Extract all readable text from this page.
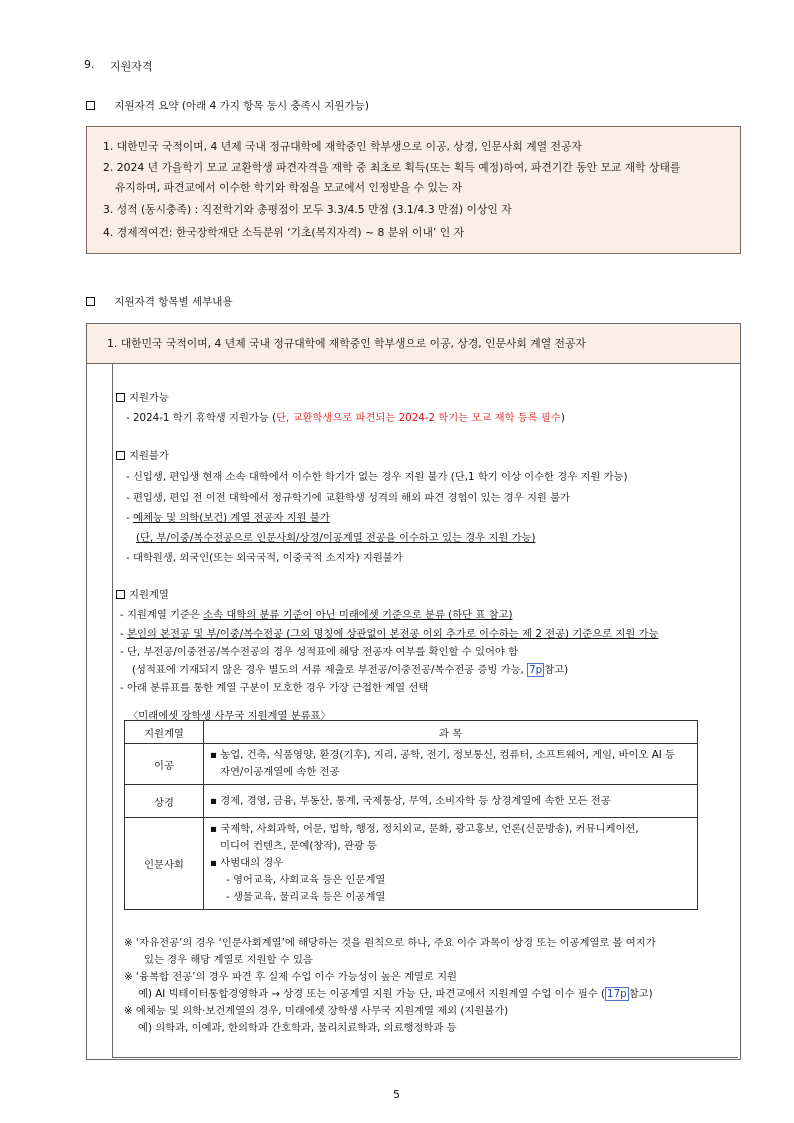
9. 지원자격
지원자격 요약 (아래 4 가지 항목 동시 충족시 지원가능)
1. 대한민국 국적이며, 4 년제 국내 정규대학에 재학중인 학부생으로 이공, 상경, 인문사회 계열 전공자
2. 2024 년 가을학기 모교 교환학생 파견자격을 재학 중 최초로 획득(또는 획득 예정)하여, 파견기간 동안 모교 재학 상태를
유지하며, 파견교에서 이수한 학기와 학점을 모교에서 인정받을 수 있는 자
3. 성적 (동시충족) : 직전학기와 총평점이 모두 3.3/4.5 만점 (3.1/4.3 만점) 이상인 자
4. 경제적여건: 한국장학재단 소득분위 ‘기초(복지자격) ~ 8 분위 이내’ 인 자
지원자격 항목별 세부내용
1. 대한민국 국적이며, 4 년제 국내 정규대학에 재학중인 학부생으로 이공, 상경, 인문사회 계열 전공자
지원가능
- 2024-1 학기 휴학생 지원가능 (단, 교환학생으로 파견되는 2024-2 학기는 모교 재학 등록 필수)
지원불가
- 신입생, 편입생 현재 소속 대학에서 이수한 학기가 없는 경우 지원 불가 (단,1 학기 이상 이수한 경우 지원 가능)
- 편입생, 편입 전 이전 대학에서 정규학기에 교환학생 성격의 해외 파견 경험이 있는 경우 지원 불가
- 예체능 및 의학(보건) 계열 전공자 지원 불가
(단, 부/이중/복수전공으로 인문사회/상경/이공계열 전공을 이수하고 있는 경우 지원 가능)
- 대학원생, 외국인(또는 외국국적, 이중국적 소지자) 지원불가
지원계열
- 지원계열 기준은 소속 대학의 분류 기준이 아닌 미래에셋 기준으로 분류 (하단 표 참고)
- 본인의 본전공 및 부/이중/복수전공 (그외 명칭에 상관없이 본전공 이외 추가로 이수하는 제 2 전공) 기준으로 지원 가능
- 단, 부전공/이중전공/복수전공의 경우 성적표에 해당 전공자 여부를 확인할 수 있어야 함
(성적표에 기재되지 않은 경우 별도의 서류 제출로 부전공/이중전공/복수전공 증빙 가능, 7p 참고)
- 아래 분류표를 통한 계열 구분이 모호한 경우 가장 근접한 계열 선택
〈미래에셋 장학생 사무국 지원계열 분류표〉
지원계열	과 목
이공	▪ 농업, 건축, 식품영양, 환경(기후), 지리, 공학, 전기, 정보통신, 컴퓨터, 소프트웨어, 게임, 바이오 AI 등
자연/이공계열에 속한 전공

상경	▪ 경제, 경영, 금융, 부동산, 통계, 국제통상, 무역, 소비자학 등 상경계열에 속한 모든 전공

인문사회	▪ 국제학, 사회과학, 어문, 법학, 행정, 정치외교, 문화, 광고홍보, 언론(신문방송), 커뮤니케이션,
미디어 컨텐츠, 문예(창작), 관광 등
▪ 사범대의 경우
- 영어교육, 사회교육 등은 인문계열
- 생물교육, 물리교육 등은 이공계열
※ ‘자유전공’의 경우 ‘인문사회계열’에 해당하는 것을 원칙으로 하나, 주요 이수 과목이 상경 또는 이공계열로 볼 여지가
있는 경우 해당 계열로 지원할 수 있음
※ ‘융복합 전공’의 경우 파견 후 실제 수업 이수 가능성이 높은 계열로 지원
예) AI 빅테이터통합경영학과 → 상경 또는 이공계열 지원 가능 단, 파견교에서 지원계열 수업 이수 필수 ( 17p 참고)
※ 예체능 및 의학·보건계열의 경우, 미래에셋 장학생 사무국 지원계열 제외 (지원불가)
예) 의학과, 이예과, 한의학과 간호학과, 물리치료학과, 의료행정학과 등
5
